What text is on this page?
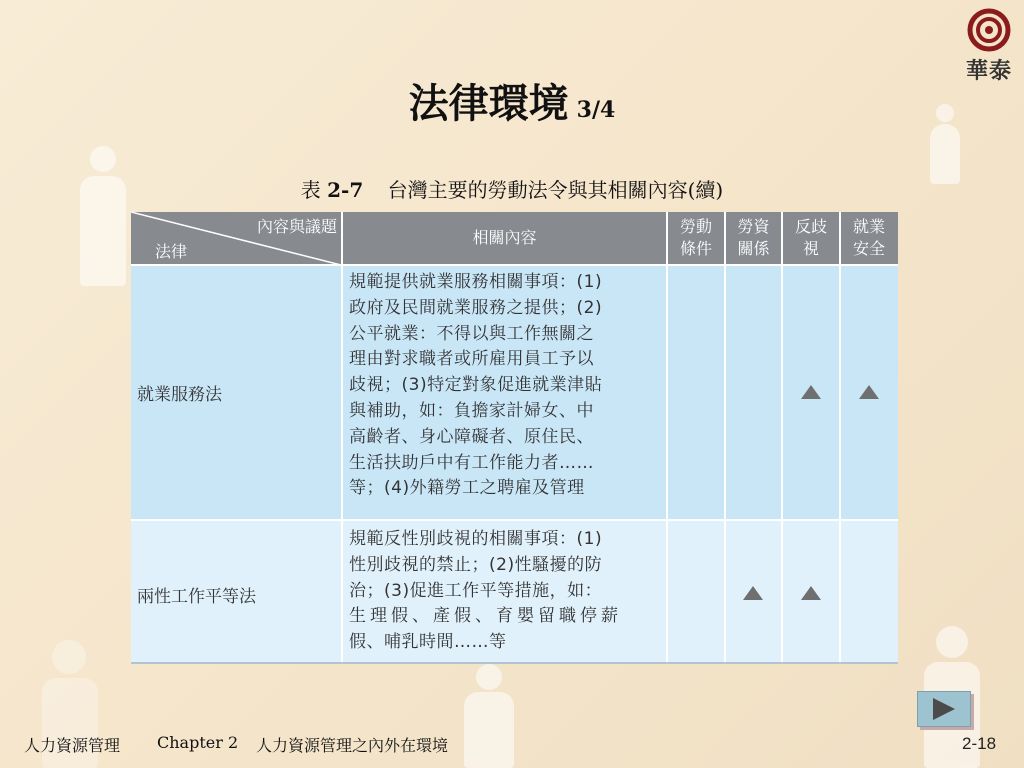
華泰
法律環境 3/4
表 2-7 台灣主要的勞動法令與其相關內容(續)
內容與議題
法律
相關內容
勞動
條件
勞資
關係
反歧
視
就業
安全
就業服務法
規範提供就業服務相關事項：(1)
政府及民間就業服務之提供；(2)
公平就業：不得以與工作無關之
理由對求職者或所雇用員工予以
歧視；(3)特定對象促進就業津貼
與補助，如：負擔家計婦女、中
高齡者、身心障礙者、原住民、
生活扶助戶中有工作能力者……
等；(4)外籍勞工之聘雇及管理
兩性工作平等法
規範反性別歧視的相關事項：(1)
性別歧視的禁止；(2)性騷擾的防
治；(3)促進工作平等措施，如：
生理假、產假、育嬰留職停薪
假、哺乳時間……等
人力資源管理 Chapter 2 人力資源管理之內外在環境	2-18
